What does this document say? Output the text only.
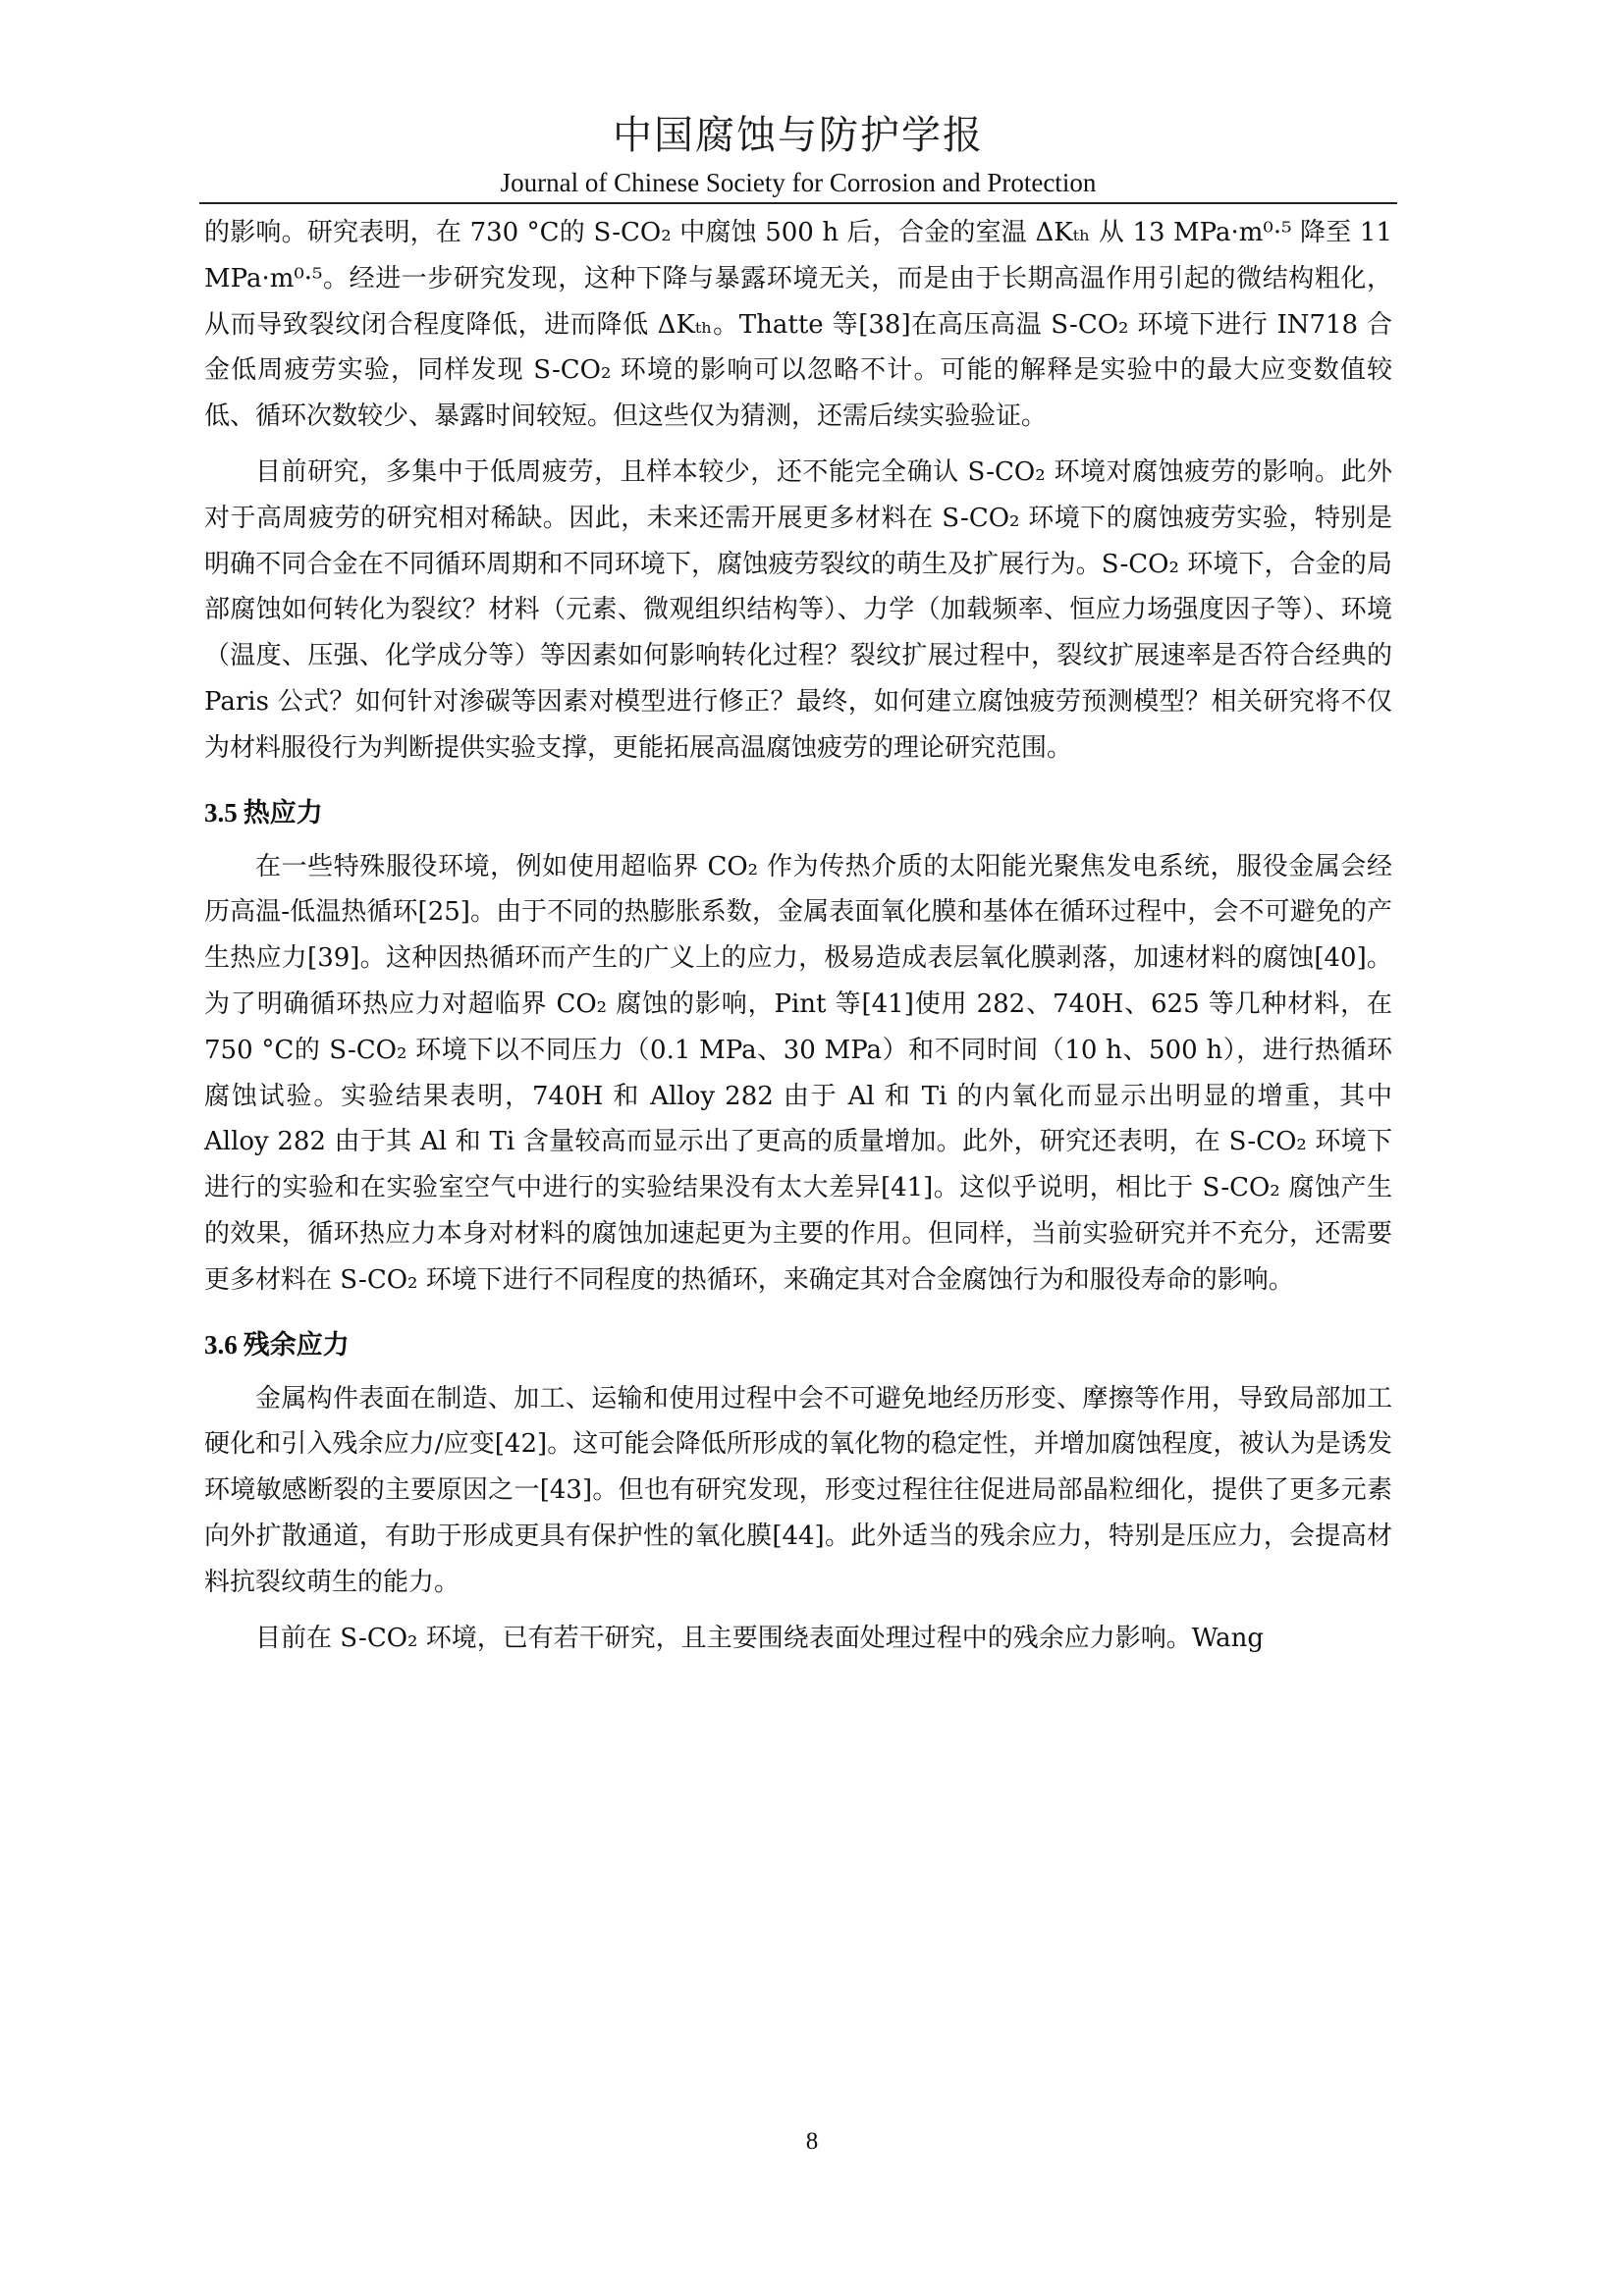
中国腐蚀与防护学报
Journal of Chinese Society for Corrosion and Protection

的影响。研究表明，在 730 °C的 S-CO₂ 中腐蚀 500 h 后，合金的室温 ΔKₜₕ 从 13 MPa·m⁰·⁵ 降至 11 MPa·m⁰·⁵。经进一步研究发现，这种下降与暴露环境无关，而是由于长期高温作用引起的微结构粗化，从而导致裂纹闭合程度降低，进而降低 ΔKₜₕ。Thatte 等[38]在高压高温 S-CO₂ 环境下进行 IN718 合金低周疲劳实验，同样发现 S-CO₂ 环境的影响可以忽略不计。可能的解释是实验中的最大应变数值较低、循环次数较少、暴露时间较短。但这些仅为猜测，还需后续实验验证。

目前研究，多集中于低周疲劳，且样本较少，还不能完全确认 S-CO₂ 环境对腐蚀疲劳的影响。此外对于高周疲劳的研究相对稀缺。因此，未来还需开展更多材料在 S-CO₂ 环境下的腐蚀疲劳实验，特别是明确不同合金在不同循环周期和不同环境下，腐蚀疲劳裂纹的萌生及扩展行为。S-CO₂ 环境下，合金的局部腐蚀如何转化为裂纹？材料（元素、微观组织结构等）、力学（加载频率、恒应力场强度因子等）、环境（温度、压强、化学成分等）等因素如何影响转化过程？裂纹扩展过程中，裂纹扩展速率是否符合经典的 Paris 公式？如何针对渗碳等因素对模型进行修正？最终，如何建立腐蚀疲劳预测模型？相关研究将不仅为材料服役行为判断提供实验支撑，更能拓展高温腐蚀疲劳的理论研究范围。

3.5 热应力

在一些特殊服役环境，例如使用超临界 CO₂ 作为传热介质的太阳能光聚焦发电系统，服役金属会经历高温-低温热循环[25]。由于不同的热膨胀系数，金属表面氧化膜和基体在循环过程中，会不可避免的产生热应力[39]。这种因热循环而产生的广义上的应力，极易造成表层氧化膜剥落，加速材料的腐蚀[40]。为了明确循环热应力对超临界 CO₂ 腐蚀的影响，Pint 等[41]使用 282、740H、625 等几种材料，在 750 °C的 S-CO₂ 环境下以不同压力（0.1 MPa、30 MPa）和不同时间（10 h、500 h），进行热循环腐蚀试验。实验结果表明，740H 和 Alloy 282 由于 Al 和 Ti 的内氧化而显示出明显的增重，其中 Alloy 282 由于其 Al 和 Ti 含量较高而显示出了更高的质量增加。此外，研究还表明，在 S-CO₂ 环境下进行的实验和在实验室空气中进行的实验结果没有太大差异[41]。这似乎说明，相比于 S-CO₂ 腐蚀产生的效果，循环热应力本身对材料的腐蚀加速起更为主要的作用。但同样，当前实验研究并不充分，还需要更多材料在 S-CO₂ 环境下进行不同程度的热循环，来确定其对合金腐蚀行为和服役寿命的影响。

3.6 残余应力

金属构件表面在制造、加工、运输和使用过程中会不可避免地经历形变、摩擦等作用，导致局部加工硬化和引入残余应力/应变[42]。这可能会降低所形成的氧化物的稳定性，并增加腐蚀程度，被认为是诱发环境敏感断裂的主要原因之一[43]。但也有研究发现，形变过程往往促进局部晶粒细化，提供了更多元素向外扩散通道，有助于形成更具有保护性的氧化膜[44]。此外适当的残余应力，特别是压应力，会提高材料抗裂纹萌生的能力。

目前在 S-CO₂ 环境，已有若干研究，且主要围绕表面处理过程中的残余应力影响。Wang

8
